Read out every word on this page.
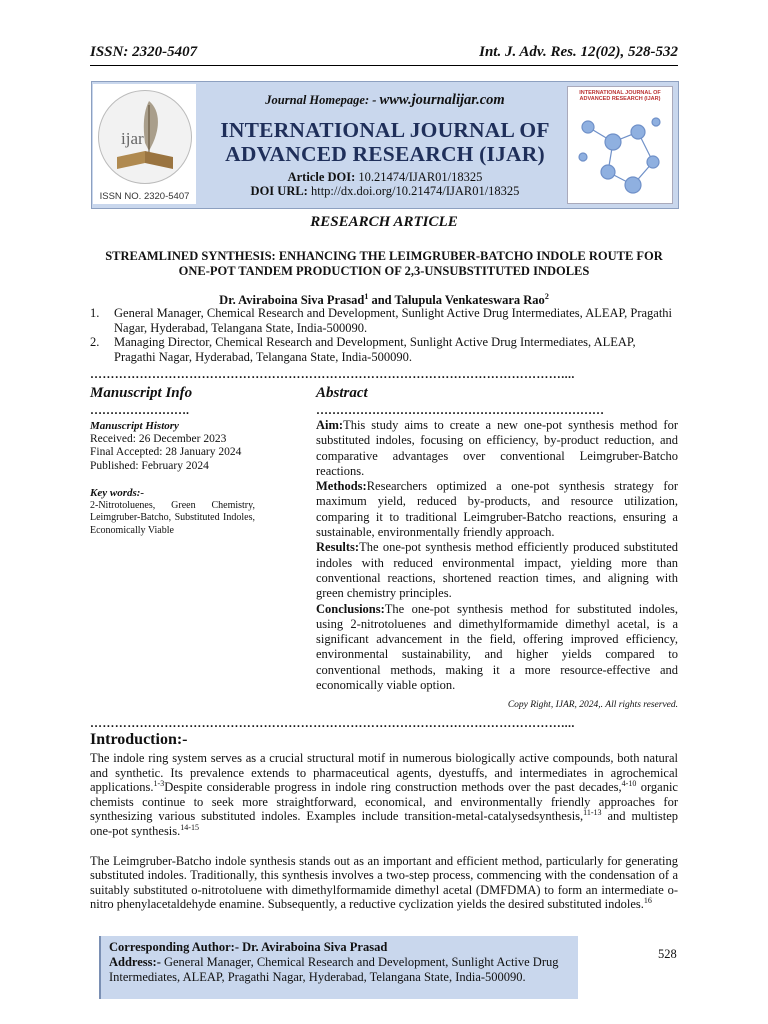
ISSN: 2320-5407	Int. J. Adv. Res. 12(02), 528-532
ijar
ISSN NO. 2320-5407
Journal Homepage: - www.journalijar.com
INTERNATIONAL JOURNAL OF
ADVANCED RESEARCH (IJAR)
Article DOI: 10.21474/IJAR01/18325
DOI URL: http://dx.doi.org/10.21474/IJAR01/18325
INTERNATIONAL JOURNAL OF ADVANCED RESEARCH (IJAR)
RESEARCH ARTICLE
STREAMLINED SYNTHESIS: ENHANCING THE LEIMGRUBER-BATCHO INDOLE ROUTE FOR
ONE-POT TANDEM PRODUCTION OF 2,3-UNSUBSTITUTED INDOLES
Dr. Aviraboina Siva Prasad$^1$ and Talupula Venkateswara Rao$^2$
1.	General Manager, Chemical Research and Development, Sunlight Active Drug Intermediates, ALEAP, Pragathi Nagar, Hyderabad, Telangana State, India-500090.
2.	Managing Director, Chemical Research and Development, Sunlight Active Drug Intermediates, ALEAP, Pragathi Nagar, Hyderabad, Telangana State, India-500090.
……………………………………………………………………………………………………....
Manuscript Info
…………………….
Manuscript History
Received: 26 December 2023
Final Accepted: 28 January 2024
Published: February 2024
Key words:-
2-Nitrotoluenes, Green Chemistry, Leimgruber-Batcho, Substituted Indoles, Economically Viable
Abstract
………………………………………………………………

Aim:This study aims to create a new one-pot synthesis method for substituted indoles, focusing on efficiency, by-product reduction, and comparative advantages over conventional Leimgruber-Batcho reactions.

Methods:Researchers optimized a one-pot synthesis strategy for maximum yield, reduced by-products, and resource utilization, comparing it to traditional Leimgruber-Batcho reactions, ensuring a sustainable, environmentally friendly approach.

Results:The one-pot synthesis method efficiently produced substituted indoles with reduced environmental impact, yielding more than conventional reactions, shortened reaction times, and aligning with green chemistry principles.

Conclusions:The one-pot synthesis method for substituted indoles, using 2-nitrotoluenes and dimethylformamide dimethyl acetal, is a significant advancement in the field, offering improved efficiency, environmental sustainability, and higher yields compared to conventional methods, making it a more resource-effective and economically viable option.

Copy Right, IJAR, 2024,. All rights reserved.
……………………………………………………………………………………………………....
Introduction:-

The indole ring system serves as a crucial structural motif in numerous biologically active compounds, both natural and synthetic. Its prevalence extends to pharmaceutical agents, dyestuffs, and intermediates in agrochemical applications.$^{1-3}$Despite considerable progress in indole ring construction methods over the past decades,$^{4-10}$ organic chemists continue to seek more straightforward, economical, and environmentally friendly approaches for synthesizing various substituted indoles. Examples include transition-metal-catalysedsynthesis,$^{11-13}$ and multistep one-pot synthesis.$^{14-15}$

The Leimgruber-Batcho indole synthesis stands out as an important and efficient method, particularly for generating substituted indoles. Traditionally, this synthesis involves a two-step process, commencing with the condensation of a suitably substituted o-nitrotoluene with dimethylformamide dimethyl acetal (DMFDMA) to form an intermediate o-nitro phenylacetaldehyde enamine. Subsequently, a reductive cyclization yields the desired substituted indoles.$^{16}$

Corresponding Author:- Dr. Aviraboina Siva Prasad
Address:- General Manager, Chemical Research and Development, Sunlight Active Drug Intermediates, ALEAP, Pragathi Nagar, Hyderabad, Telangana State, India-500090.
528
